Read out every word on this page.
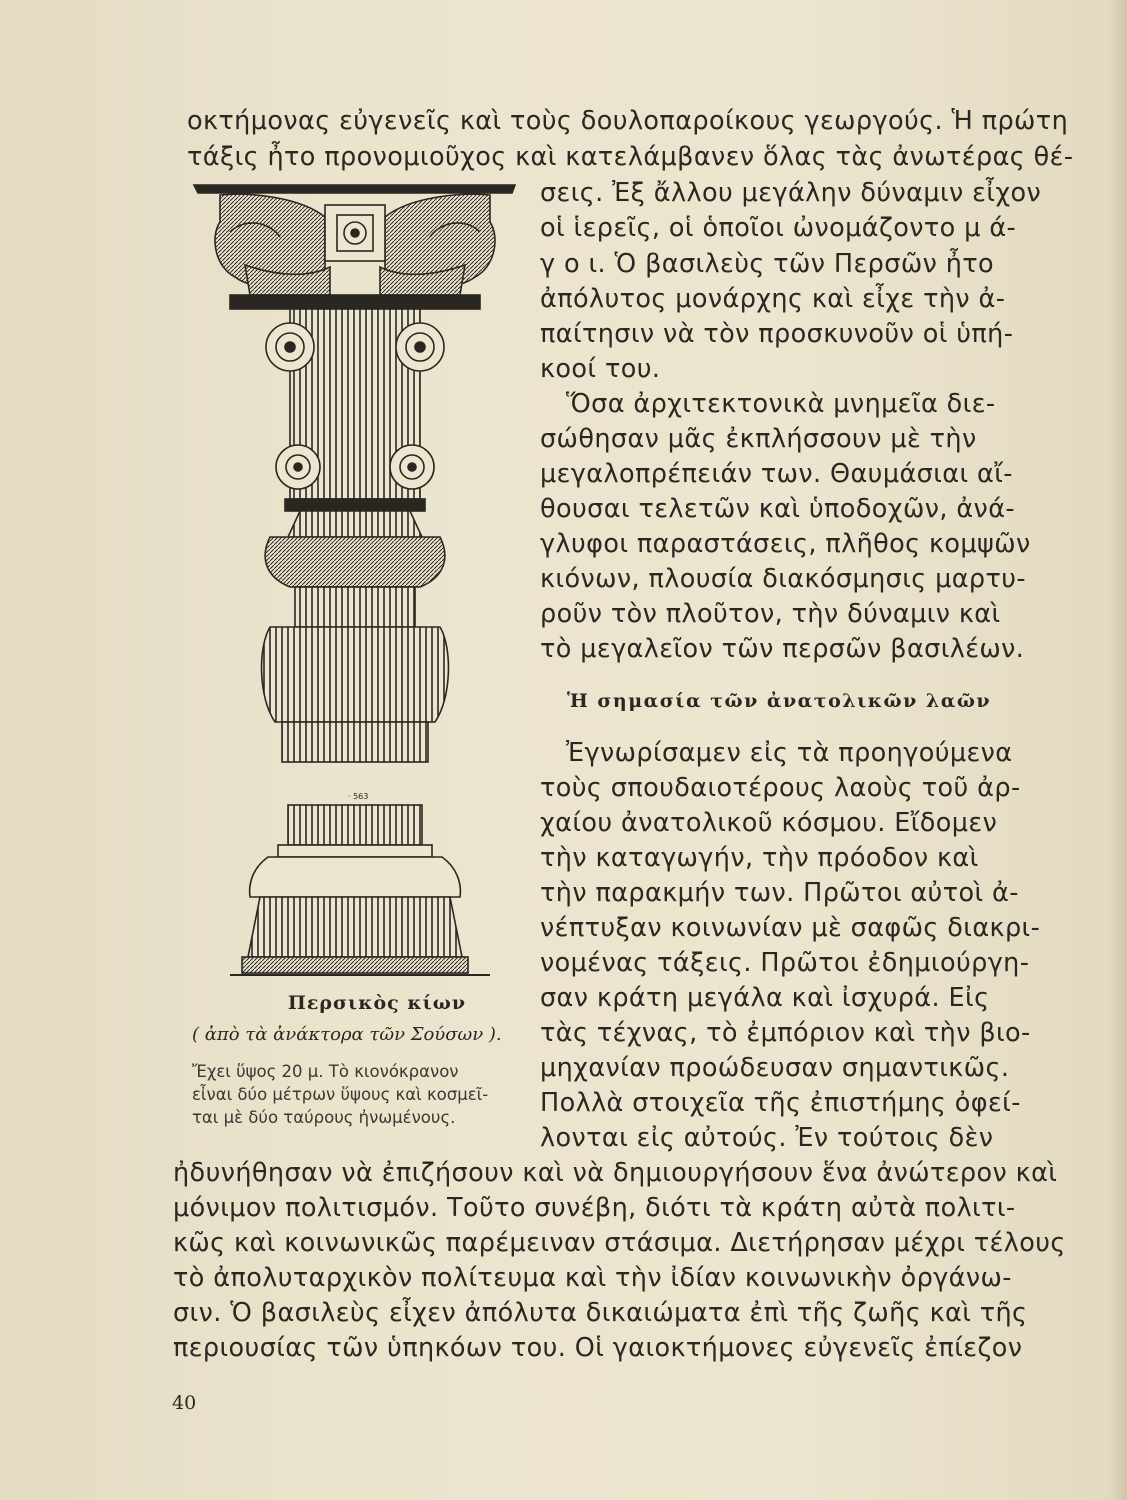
οκτήμονας εὐγενεῖς καὶ τοὺς δουλοπαροίκους γεωργούς. Ἡ πρώτη
τάξις ἦτο προνομιοῦχος καὶ κατελάμβανεν ὅλας τὰς ἀνωτέρας θέ-
· 563
σεις. Ἐξ ἄλλου μεγάλην δύναμιν εἶχον
οἱ ἱερεῖς, οἱ ὁποῖοι ὠνομάζοντο μ ά-
γ ο ι. Ὁ βασιλεὺς τῶν Περσῶν ἦτο
ἀπόλυτος μονάρχης καὶ εἶχε τὴν ἀ-
παίτησιν νὰ τὸν προσκυνοῦν οἱ ὑπή-
κοοί του.
Ὅσα ἀρχιτεκτονικὰ μνημεῖα διε-
σώθησαν μᾶς ἐκπλήσσουν μὲ τὴν
μεγαλοπρέπειάν των. Θαυμάσιαι αἴ-
θουσαι τελετῶν καὶ ὑποδοχῶν, ἀνά-
γλυφοι παραστάσεις, πλῆθος κομψῶν
κιόνων, πλουσία διακόσμησις μαρτυ-
ροῦν τὸν πλοῦτον, τὴν δύναμιν καὶ
τὸ μεγαλεῖον τῶν περσῶν βασιλέων.
Ἡ σημασία τῶν ἀνατολικῶν λαῶν
Ἐγνωρίσαμεν εἰς τὰ προηγούμενα
τοὺς σπουδαιοτέρους λαοὺς τοῦ ἀρ-
χαίου ἀνατολικοῦ κόσμου. Εἴδομεν
τὴν καταγωγήν, τὴν πρόοδον καὶ
τὴν παρακμήν των. Πρῶτοι αὐτοὶ ἀ-
νέπτυξαν κοινωνίαν μὲ σαφῶς διακρι-
νομένας τάξεις. Πρῶτοι ἐδημιούργη-
σαν κράτη μεγάλα καὶ ἰσχυρά. Εἰς
τὰς τέχνας, τὸ ἐμπόριον καὶ τὴν βιο-
μηχανίαν προώδευσαν σημαντικῶς.
Πολλὰ στοιχεῖα τῆς ἐπιστήμης ὀφεί-
λονται εἰς αὐτούς. Ἐν τούτοις δὲν
Περσικὸς κίων
( ἀπὸ τὰ ἀνάκτορα τῶν Σούσων ).
Ἔχει ὕψος 20 μ. Τὸ κιονόκρανον
εἶναι δύο μέτρων ὕψους καὶ κοσμεῖ-
ται μὲ δύο ταύρους ἠνωμένους.
ἠδυνήθησαν νὰ ἐπιζήσουν καὶ νὰ δημιουργήσουν ἕνα ἀνώτερον καὶ
μόνιμον πολιτισμόν. Τοῦτο συνέβη, διότι τὰ κράτη αὐτὰ πολιτι-
κῶς καὶ κοινωνικῶς παρέμειναν στάσιμα. Διετήρησαν μέχρι τέλους
τὸ ἀπολυταρχικὸν πολίτευμα καὶ τὴν ἰδίαν κοινωνικὴν ὀργάνω-
σιν. Ὁ βασιλεὺς εἶχεν ἀπόλυτα δικαιώματα ἐπὶ τῆς ζωῆς καὶ τῆς
περιουσίας τῶν ὑπηκόων του. Οἱ γαιοκτήμονες εὐγενεῖς ἐπίεζον
40
